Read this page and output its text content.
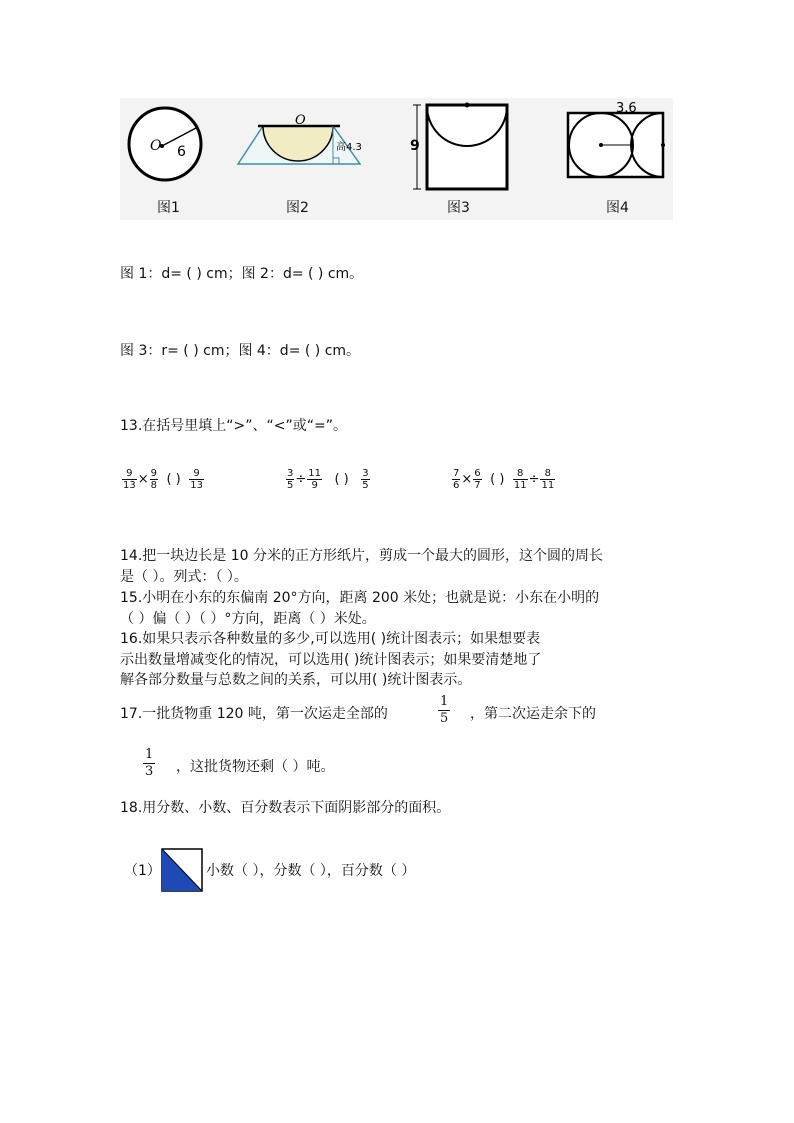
O 6
O
高4.3	9
3.6
图1	图2	图3	图4
图 1：d= ( ) cm；图 2：d= ( ) cm。
图 3：r= ( ) cm；图 4：d= ( ) cm。
13.在括号里填上“>”、“<”或“=”。
$\frac{9}{13} \times \frac{9}{8}$ ( ) $\frac{9}{13}$	$\frac{3}{5} \div \frac{11}{9}$ ( ) $\frac{3}{5}$	$\frac{7}{6} \times \frac{6}{7}$ ( ) $\frac{8}{11} \div \frac{8}{11}$
14.把一块边长是 10 分米的正方形纸片，剪成一个最大的圆形，这个圆的周长
是（ ）。列式：（ ）。
15.小明在小东的东偏南 20°方向，距离 200 米处；也就是说：小东在小明的
（ ）偏（ ）（ ）°方向，距离（ ）米处。
16.如果只表示各种数量的多少,可以选用( )统计图表示；如果想要表
示出数量增减变化的情况，可以选用( )统计图表示；如果要清楚地了
解各部分数量与总数之间的关系，可以用( )统计图表示。
17.一批货物重 120 吨，第一次运走全部的	$\frac{1}{5}$ ，第二次运走余下的
$\frac{1}{3}$ ，这批货物还剩（ ）吨。
18.用分数、小数、百分数表示下面阴影部分的面积。
（1）	小数（ ），分数（ ），百分数（ ）
